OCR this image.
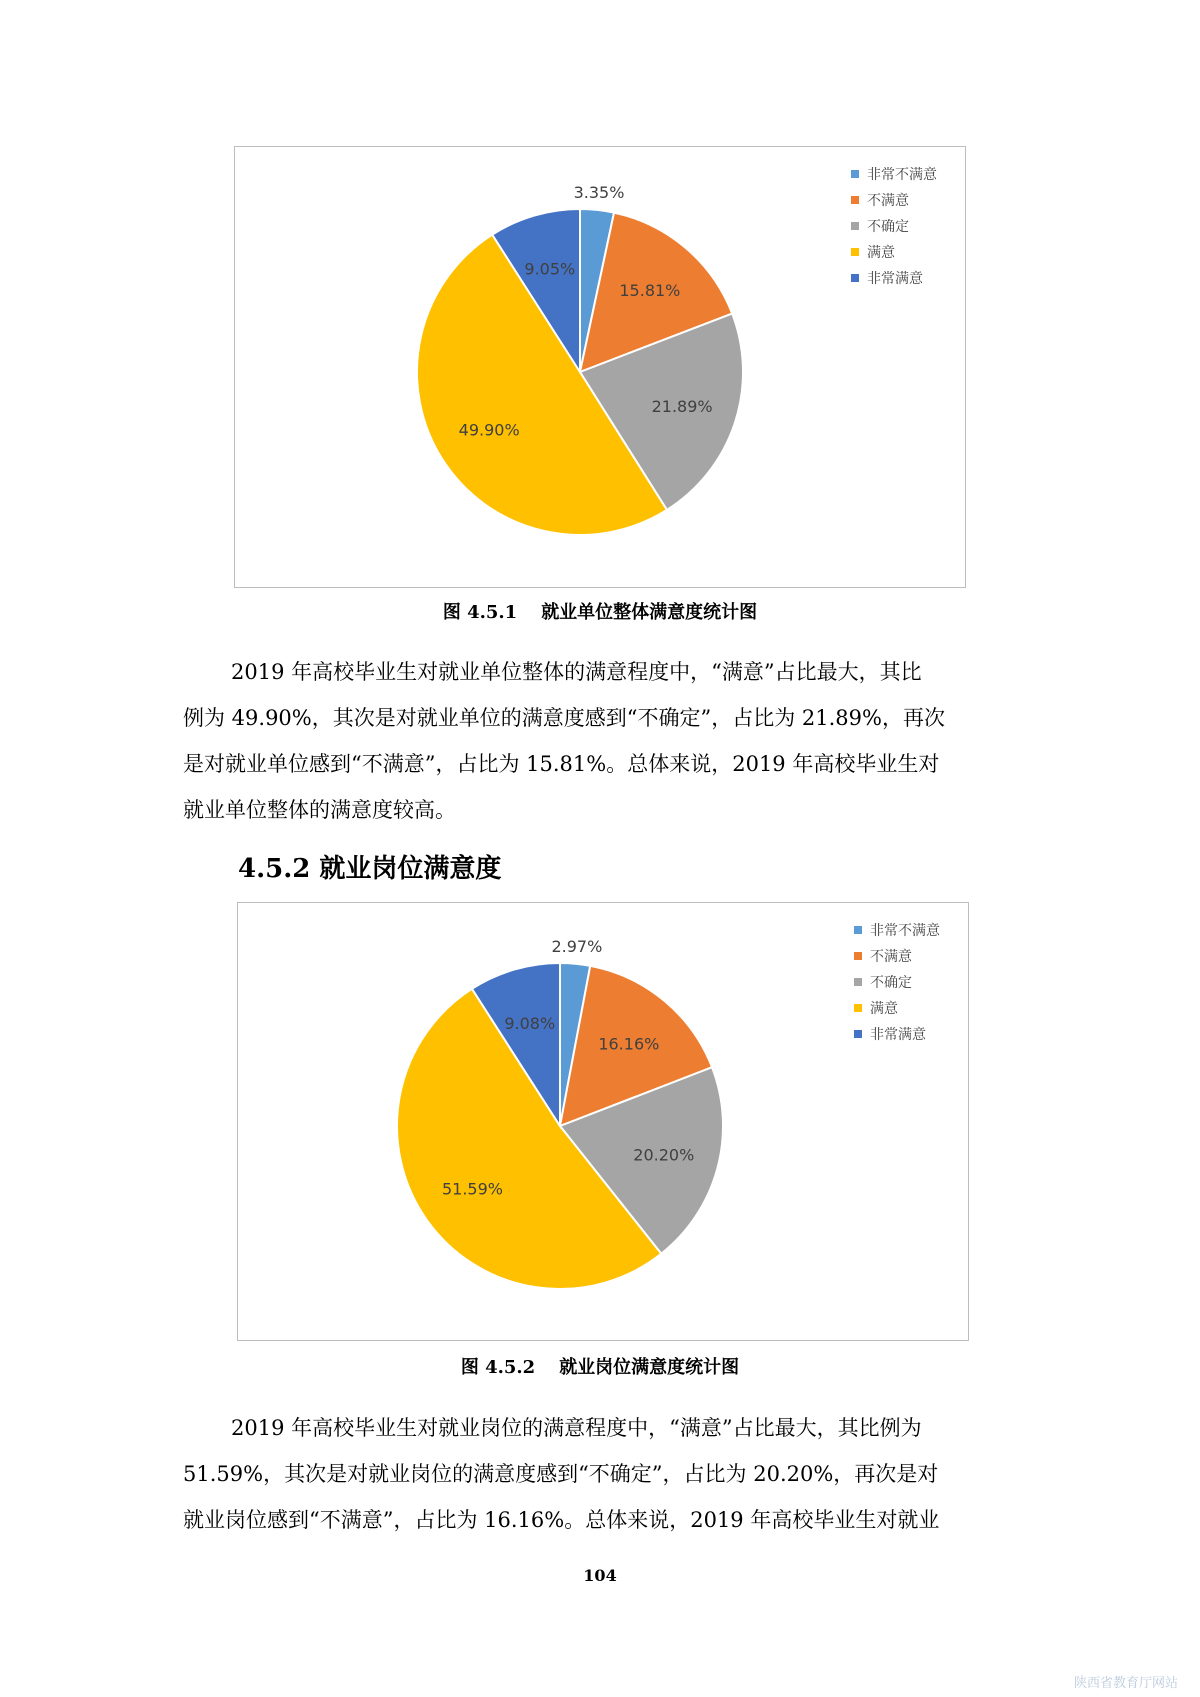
3.35%
15.81%
21.89%
49.90%
9.05%
非常不满意
不满意
不确定
满意
非常满意
图 4.5.1 就业单位整体满意度统计图
2019 年高校毕业生对就业单位整体的满意程度中，“满意”占比最大，其比
例为 49.90%，其次是对就业单位的满意度感到“不确定”，占比为 21.89%，再次
是对就业单位感到“不满意”，占比为 15.81%。总体来说，2019 年高校毕业生对
就业单位整体的满意度较高。
4.5.2 就业岗位满意度
2.97%
16.16%
20.20%
51.59%
9.08%
非常不满意
不满意
不确定
满意
非常满意
图 4.5.2 就业岗位满意度统计图
2019 年高校毕业生对就业岗位的满意程度中，“满意”占比最大，其比例为
51.59%，其次是对就业岗位的满意度感到“不确定”，占比为 20.20%，再次是对
就业岗位感到“不满意”，占比为 16.16%。总体来说，2019 年高校毕业生对就业
104
陕西省教育厅网站
